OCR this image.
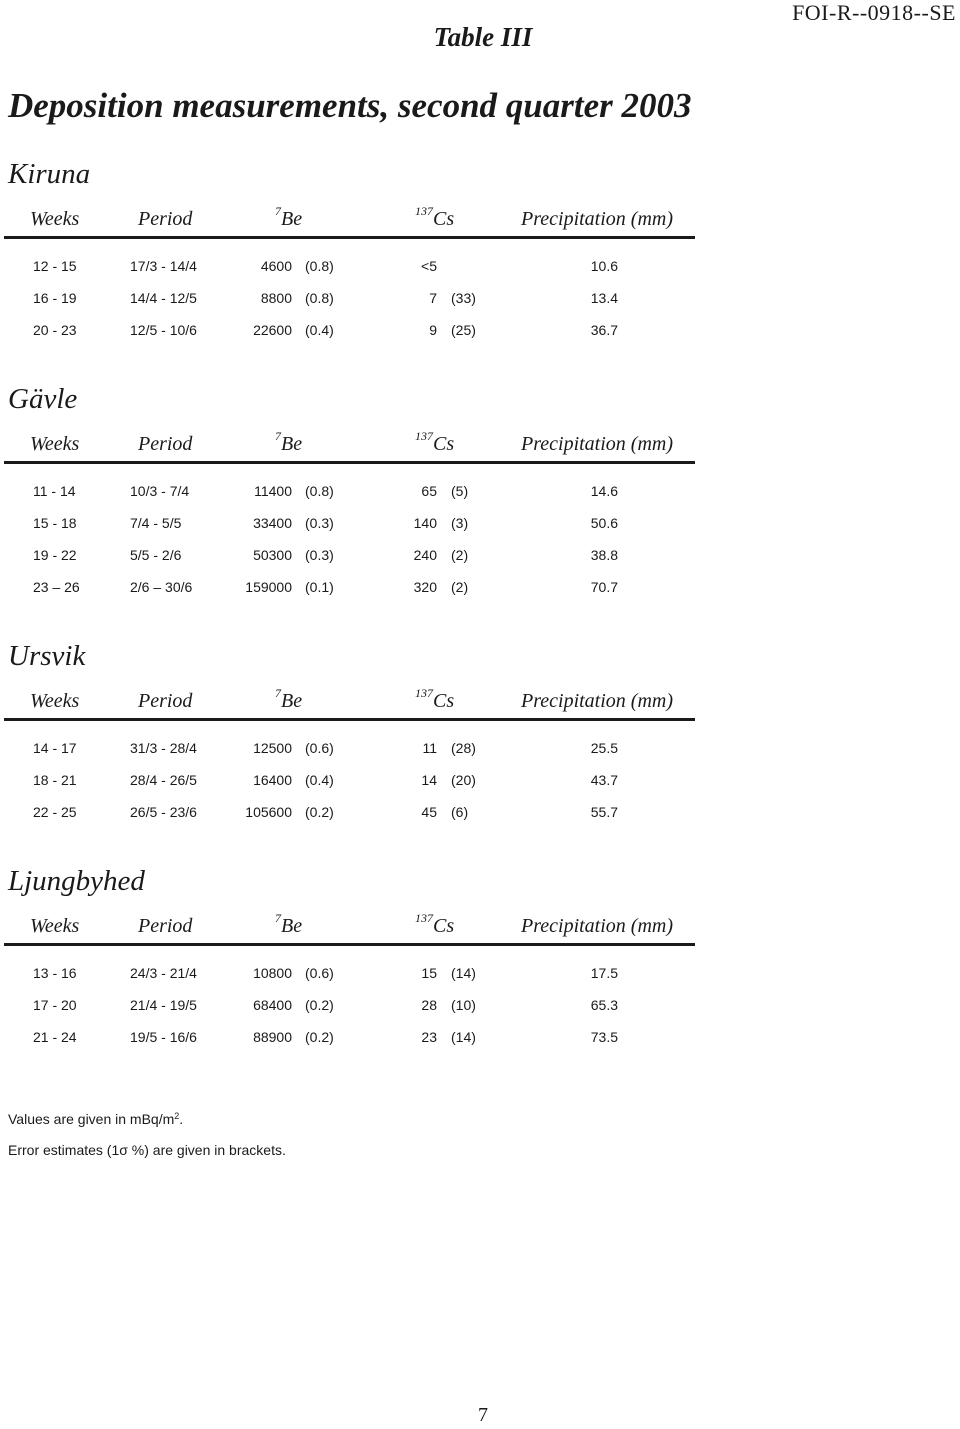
FOI-R--0918--SE
Table III
Deposition measurements, second quarter 2003
Kiruna
Weeks	Period	$^7$Be	$^{137}$Cs	Precipitation (mm)
12 - 15	17/3 - 14/4	4600 (0.8)	<5	10.6
16 - 19	14/4 - 12/5	8800 (0.8)	7 (33)	13.4
20 - 23	12/5 - 10/6	22600 (0.4)	9 (25)	36.7
Gävle
Weeks	Period	$^7$Be	$^{137}$Cs	Precipitation (mm)
11 - 14	10/3 - 7/4	11400 (0.8)	65 (5)	14.6
15 - 18	7/4 - 5/5	33400 (0.3)	140 (3)	50.6
19 - 22	5/5 - 2/6	50300 (0.3)	240 (2)	38.8
23 – 26	2/6 – 30/6	159000 (0.1)	320 (2)	70.7
Ursvik
Weeks	Period	$^7$Be	$^{137}$Cs	Precipitation (mm)
14 - 17	31/3 - 28/4	12500 (0.6)	11 (28)	25.5
18 - 21	28/4 - 26/5	16400 (0.4)	14 (20)	43.7
22 - 25	26/5 - 23/6	105600 (0.2)	45 (6)	55.7
Ljungbyhed
Weeks	Period	$^7$Be	$^{137}$Cs	Precipitation (mm)
13 - 16	24/3 - 21/4	10800 (0.6)	15 (14)	17.5
17 - 20	21/4 - 19/5	68400 (0.2)	28 (10)	65.3
21 - 24	19/5 - 16/6	88900 (0.2)	23 (14)	73.5
Values are given in mBq/$m^2$.
Error estimates (1σ %) are given in brackets.
7
